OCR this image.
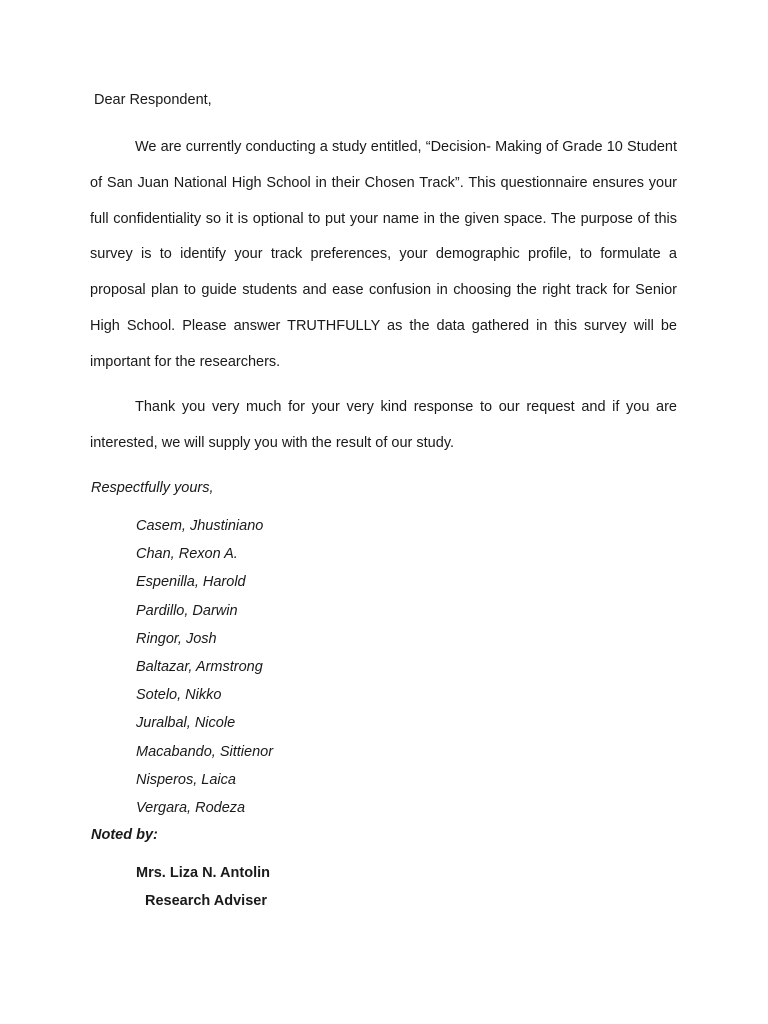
Dear Respondent,

We are currently conducting a study entitled, “Decision- Making of Grade 10 Student of San Juan National High School in their Chosen Track”. This questionnaire ensures your full confidentiality so it is optional to put your name in the given space. The purpose of this survey is to identify your track preferences, your demographic profile, to formulate a proposal plan to guide students and ease confusion in choosing the right track for Senior High School. Please answer TRUTHFULLY as the data gathered in this survey will be important for the researchers.

Thank you very much for your very kind response to our request and if you are interested, we will supply you with the result of our study.

Respectfully yours,

Casem, Jhustiniano
Chan, Rexon A.
Espenilla, Harold
Pardillo, Darwin
Ringor, Josh
Baltazar, Armstrong
Sotelo, Nikko
Juralbal, Nicole
Macabando, Sittienor
Nisperos, Laica
Vergara, Rodeza

Noted by:

Mrs. Liza N. Antolin

Research Adviser
